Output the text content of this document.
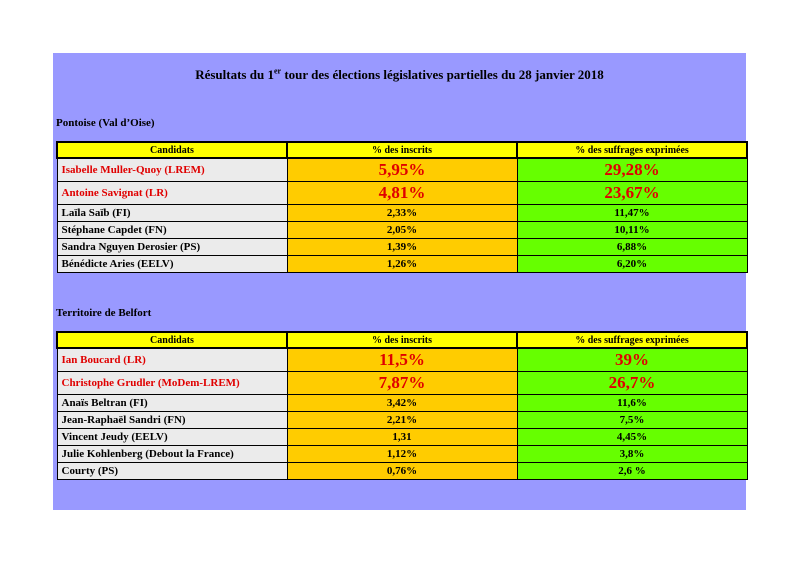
Résultats du 1er tour des élections législatives partielles du 28 janvier 2018
Pontoise (Val d’Oise)
Candidats	% des inscrits	% des suffrages exprimées
Isabelle Muller-Quoy (LREM)	5,95%	29,28%
Antoine Savignat (LR)	4,81%	23,67%
Laïla Saïb (FI)	2,33%	11,47%
Stéphane Capdet (FN)	2,05%	10,11%
Sandra Nguyen Derosier (PS)	1,39%	6,88%
Bénédicte Aries (EELV)	1,26%	6,20%
Territoire de Belfort
Candidats	% des inscrits	% des suffrages exprimées
Ian Boucard (LR)	11,5%	39%
Christophe Grudler (MoDem-LREM)	7,87%	26,7%
Anaïs Beltran (FI)	3,42%	11,6%
Jean-Raphaël Sandri (FN)	2,21%	7,5%
Vincent Jeudy (EELV)	1,31	4,45%
Julie Kohlenberg (Debout la France)	1,12%	3,8%
Courty (PS)	0,76%	2,6 %
